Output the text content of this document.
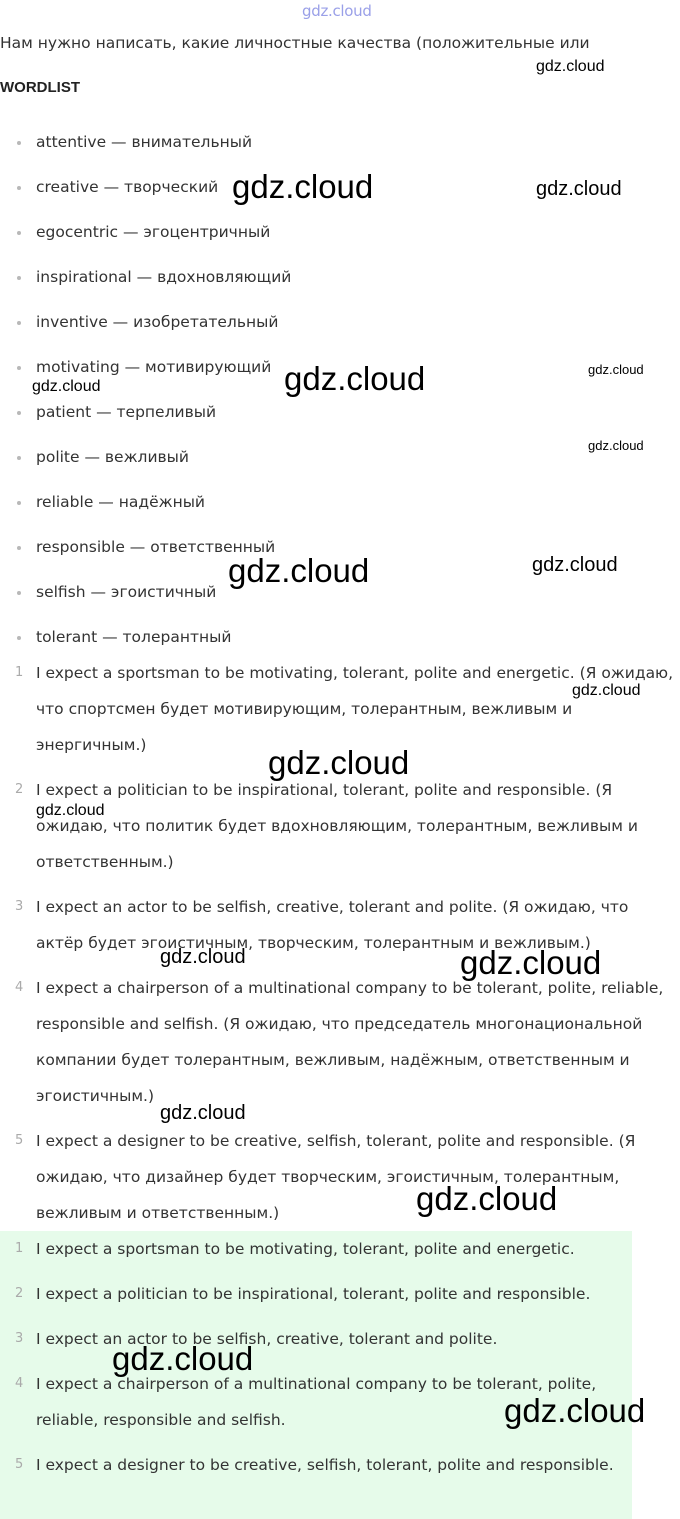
gdz.cloud
Нам нужно написать, какие личностные качества (положительные или
WORDLIST
attentive — внимательный
creative — творческий
egocentric — эгоцентричный
inspirational — вдохновляющий
inventive — изобретательный
motivating — мотивирующий
patient — терпеливый
polite — вежливый
reliable — надёжный
responsible — ответственный
selfish — эгоистичный
tolerant — толерантный
1 I expect a sportsman to be motivating, tolerant, polite and energetic. (Я ожидаю, что спортсмен будет мотивирующим, толерантным, вежливым и энергичным.)
2 I expect a politician to be inspirational, tolerant, polite and responsible. (Я ожидаю, что политик будет вдохновляющим, толерантным, вежливым и ответственным.)
3 I expect an actor to be selfish, creative, tolerant and polite. (Я ожидаю, что актёр будет эгоистичным, творческим, толерантным и вежливым.)
4 I expect a chairperson of a multinational company to be tolerant, polite, reliable, responsible and selfish. (Я ожидаю, что председатель многонациональной компании будет толерантным, вежливым, надёжным, ответственным и эгоистичным.)
5 I expect a designer to be creative, selfish, tolerant, polite and responsible. (Я ожидаю, что дизайнер будет творческим, эгоистичным, толерантным, вежливым и ответственным.)
1 I expect a sportsman to be motivating, tolerant, polite and energetic.
2 I expect a politician to be inspirational, tolerant, polite and responsible.
3 I expect an actor to be selfish, creative, tolerant and polite.
4 I expect a chairperson of a multinational company to be tolerant, polite, reliable, responsible and selfish.
5 I expect a designer to be creative, selfish, tolerant, polite and responsible.
gdz.cloud
gdz.cloud	gdz.cloud
gdz.cloud	gdz.cloud
gdz.cloud
gdz.cloud
gdz.cloud	gdz.cloud
gdz.cloud
gdz.cloud
gdz.cloud
gdz.cloud	gdz.cloud
gdz.cloud
gdz.cloud
gdz.cloud
gdz.cloud
